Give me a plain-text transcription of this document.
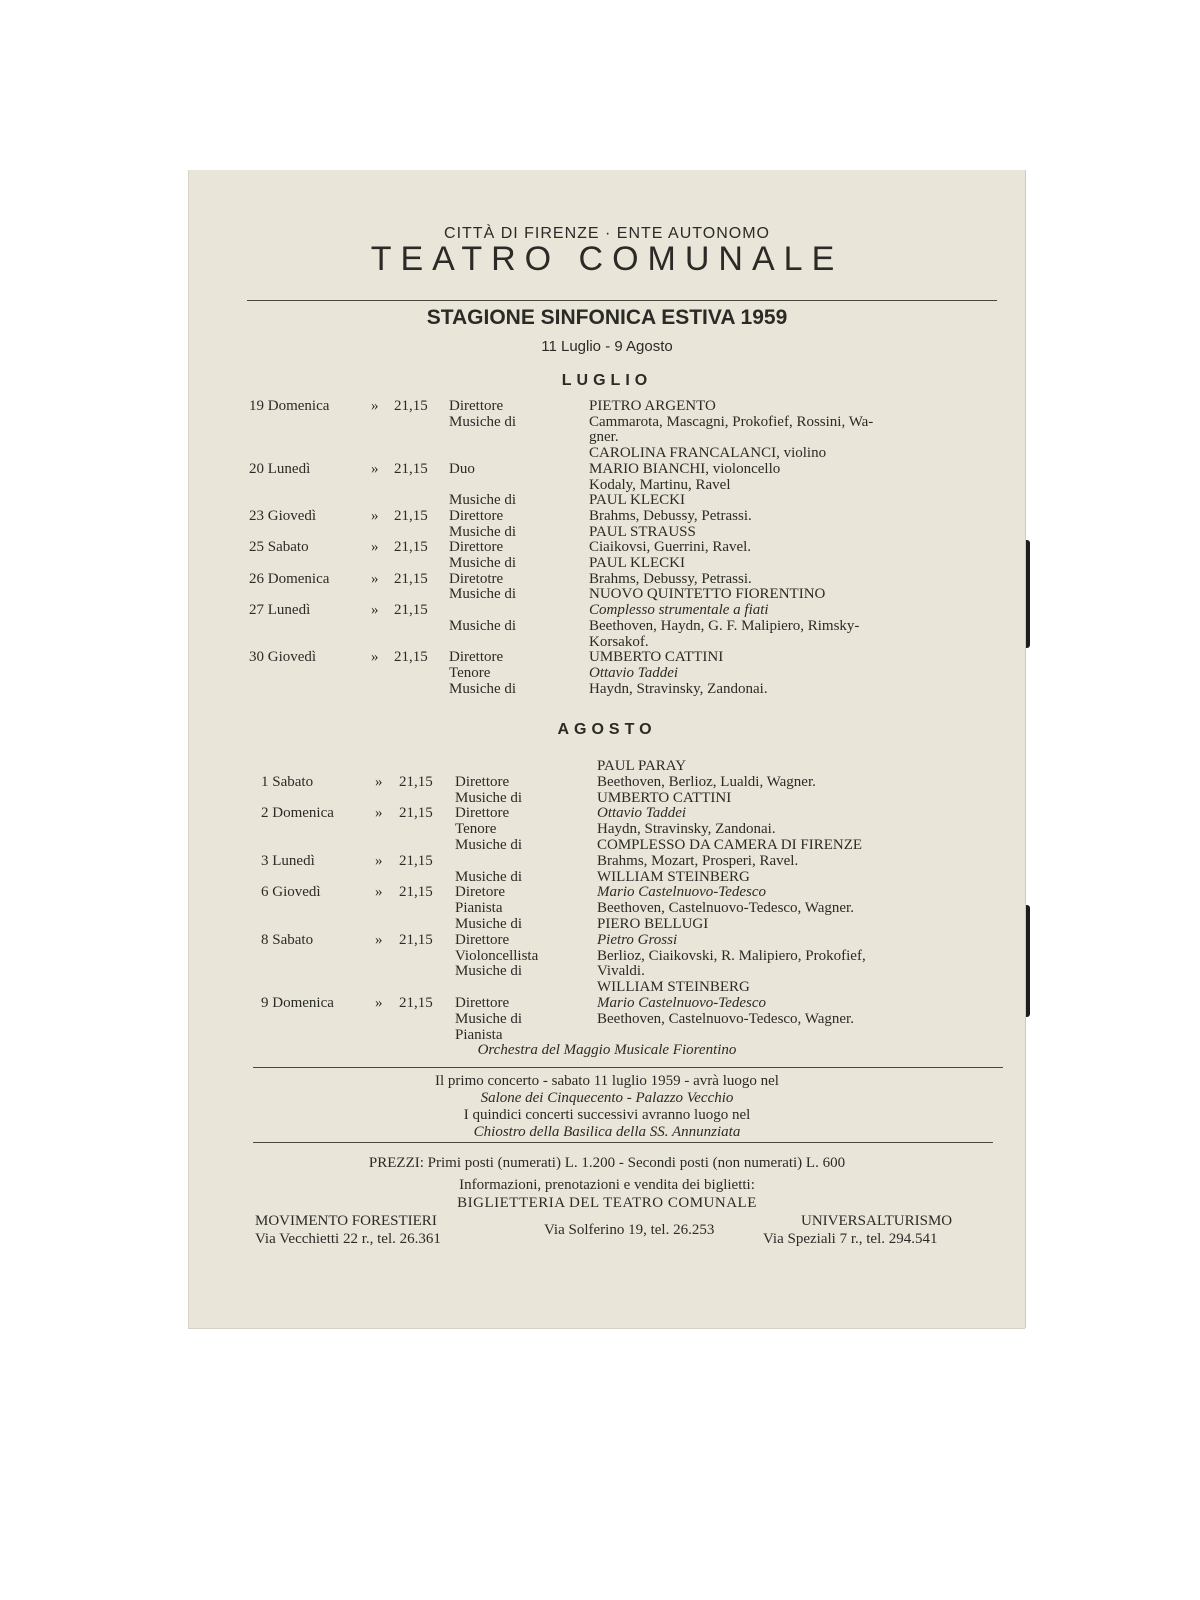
CITTÀ DI FIRENZE · ENTE AUTONOMO
TEATRO COMUNALE
STAGIONE SINFONICA ESTIVA 1959
11 Luglio - 9 Agosto
LUGLIO
19 Domenica	» 21,15 Direttore	PIETRO ARGENTO
Musiche di	Cammarota, Mascagni, Prokofief, Rossini, Wa-
gner.
CAROLINA FRANCALANCI, violino
20 Lunedì	» 21,15 Duo	MARIO BIANCHI, violoncello
Kodaly, Martinu, Ravel
Musiche di	PAUL KLECKI
23 Giovedì	» 21,15 Direttore	Brahms, Debussy, Petrassi.
Musiche di	PAUL STRAUSS
25 Sabato	» 21,15 Direttore	Ciaikovsi, Guerrini, Ravel.
Musiche di	PAUL KLECKI
26 Domenica	» 21,15 Diretotre	Brahms, Debussy, Petrassi.
Musiche di	NUOVO QUINTETTO FIORENTINO
27 Lunedì	» 21,15	Complesso strumentale a fiati
Musiche di	Beethoven, Haydn, G. F. Malipiero, Rimsky-
Korsakof.
30 Giovedì	» 21,15 Direttore	UMBERTO CATTINI
Tenore	Ottavio Taddei
Musiche di	Haydn, Stravinsky, Zandonai.
AGOSTO
PAUL PARAY
1 Sabato	» 21,15 Direttore	Beethoven, Berlioz, Lualdi, Wagner.
Musiche di	UMBERTO CATTINI
2 Domenica	» 21,15 Direttore	Ottavio Taddei
Tenore	Haydn, Stravinsky, Zandonai.
Musiche di	COMPLESSO DA CAMERA DI FIRENZE
3 Lunedì	» 21,15	Brahms, Mozart, Prosperi, Ravel.
Musiche di	WILLIAM STEINBERG
6 Giovedì	» 21,15 Diretore	Mario Castelnuovo-Tedesco
Pianista	Beethoven, Castelnuovo-Tedesco, Wagner.
Musiche di	PIERO BELLUGI
8 Sabato	» 21,15 Direttore	Pietro Grossi
Violoncellista	Berlioz, Ciaikovski, R. Malipiero, Prokofief,
Musiche di	Vivaldi.
WILLIAM STEINBERG
9 Domenica	» 21,15 Direttore	Mario Castelnuovo-Tedesco
Musiche di	Beethoven, Castelnuovo-Tedesco, Wagner.
Pianista
Orchestra del Maggio Musicale Fiorentino
Il primo concerto - sabato 11 luglio 1959 - avrà luogo nel
Salone dei Cinquecento - Palazzo Vecchio
I quindici concerti successivi avranno luogo nel
Chiostro della Basilica della SS. Annunziata
PREZZI: Primi posti (numerati) L. 1.200 - Secondi posti (non numerati) L. 600
Informazioni, prenotazioni e vendita dei biglietti:
BIGLIETTERIA DEL TEATRO COMUNALE
MOVIMENTO FORESTIERI
Via Vecchietti 22 r., tel. 26.361
Via Solferino 19, tel. 26.253
UNIVERSALTURISMO
Via Speziali 7 r., tel. 294.541
